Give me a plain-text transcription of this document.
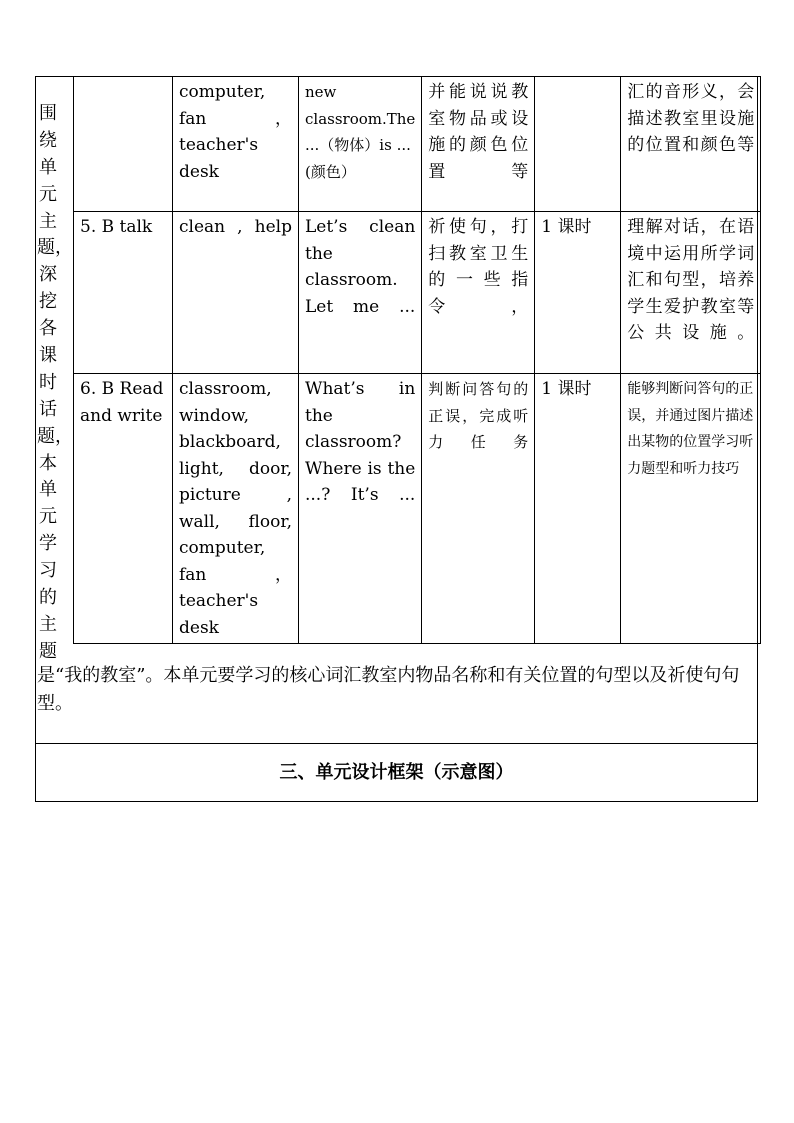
围
绕
单
元
主
题，
深
挖
各
课
时
话
题，
本
单
元
学
习
的
主
题
	computer, fan，teacher's desk	new classroom.The ...（物体）is ...(颜色）	并能说说教室物品或设施的颜色位置等		汇的音形义，会描述教室里设施的位置和颜色等
5. B talk	clean , help	Let’s clean the classroom. Let me ...	祈使句，打扫教室卫生的一些指令，	1 课时	理解对话，在语境中运用所学词汇和句型，培养学生爱护教室等公共设施。
6. B Read and write	classroom, window, blackboard, light, door, picture , wall, floor, computer, fan，teacher's desk	What’s in the classroom? Where is the ...? It’s ...	判断问答句的正误，完成听力任务	1 课时	能够判断问答句的正误，并通过图片描述出某物的位置学习听力题型和听力技巧
是“我的教室”。本单元要学习的核心词汇教室内物品名称和有关位置的句型以及祈使句句型。
三、单元设计框架（示意图）
